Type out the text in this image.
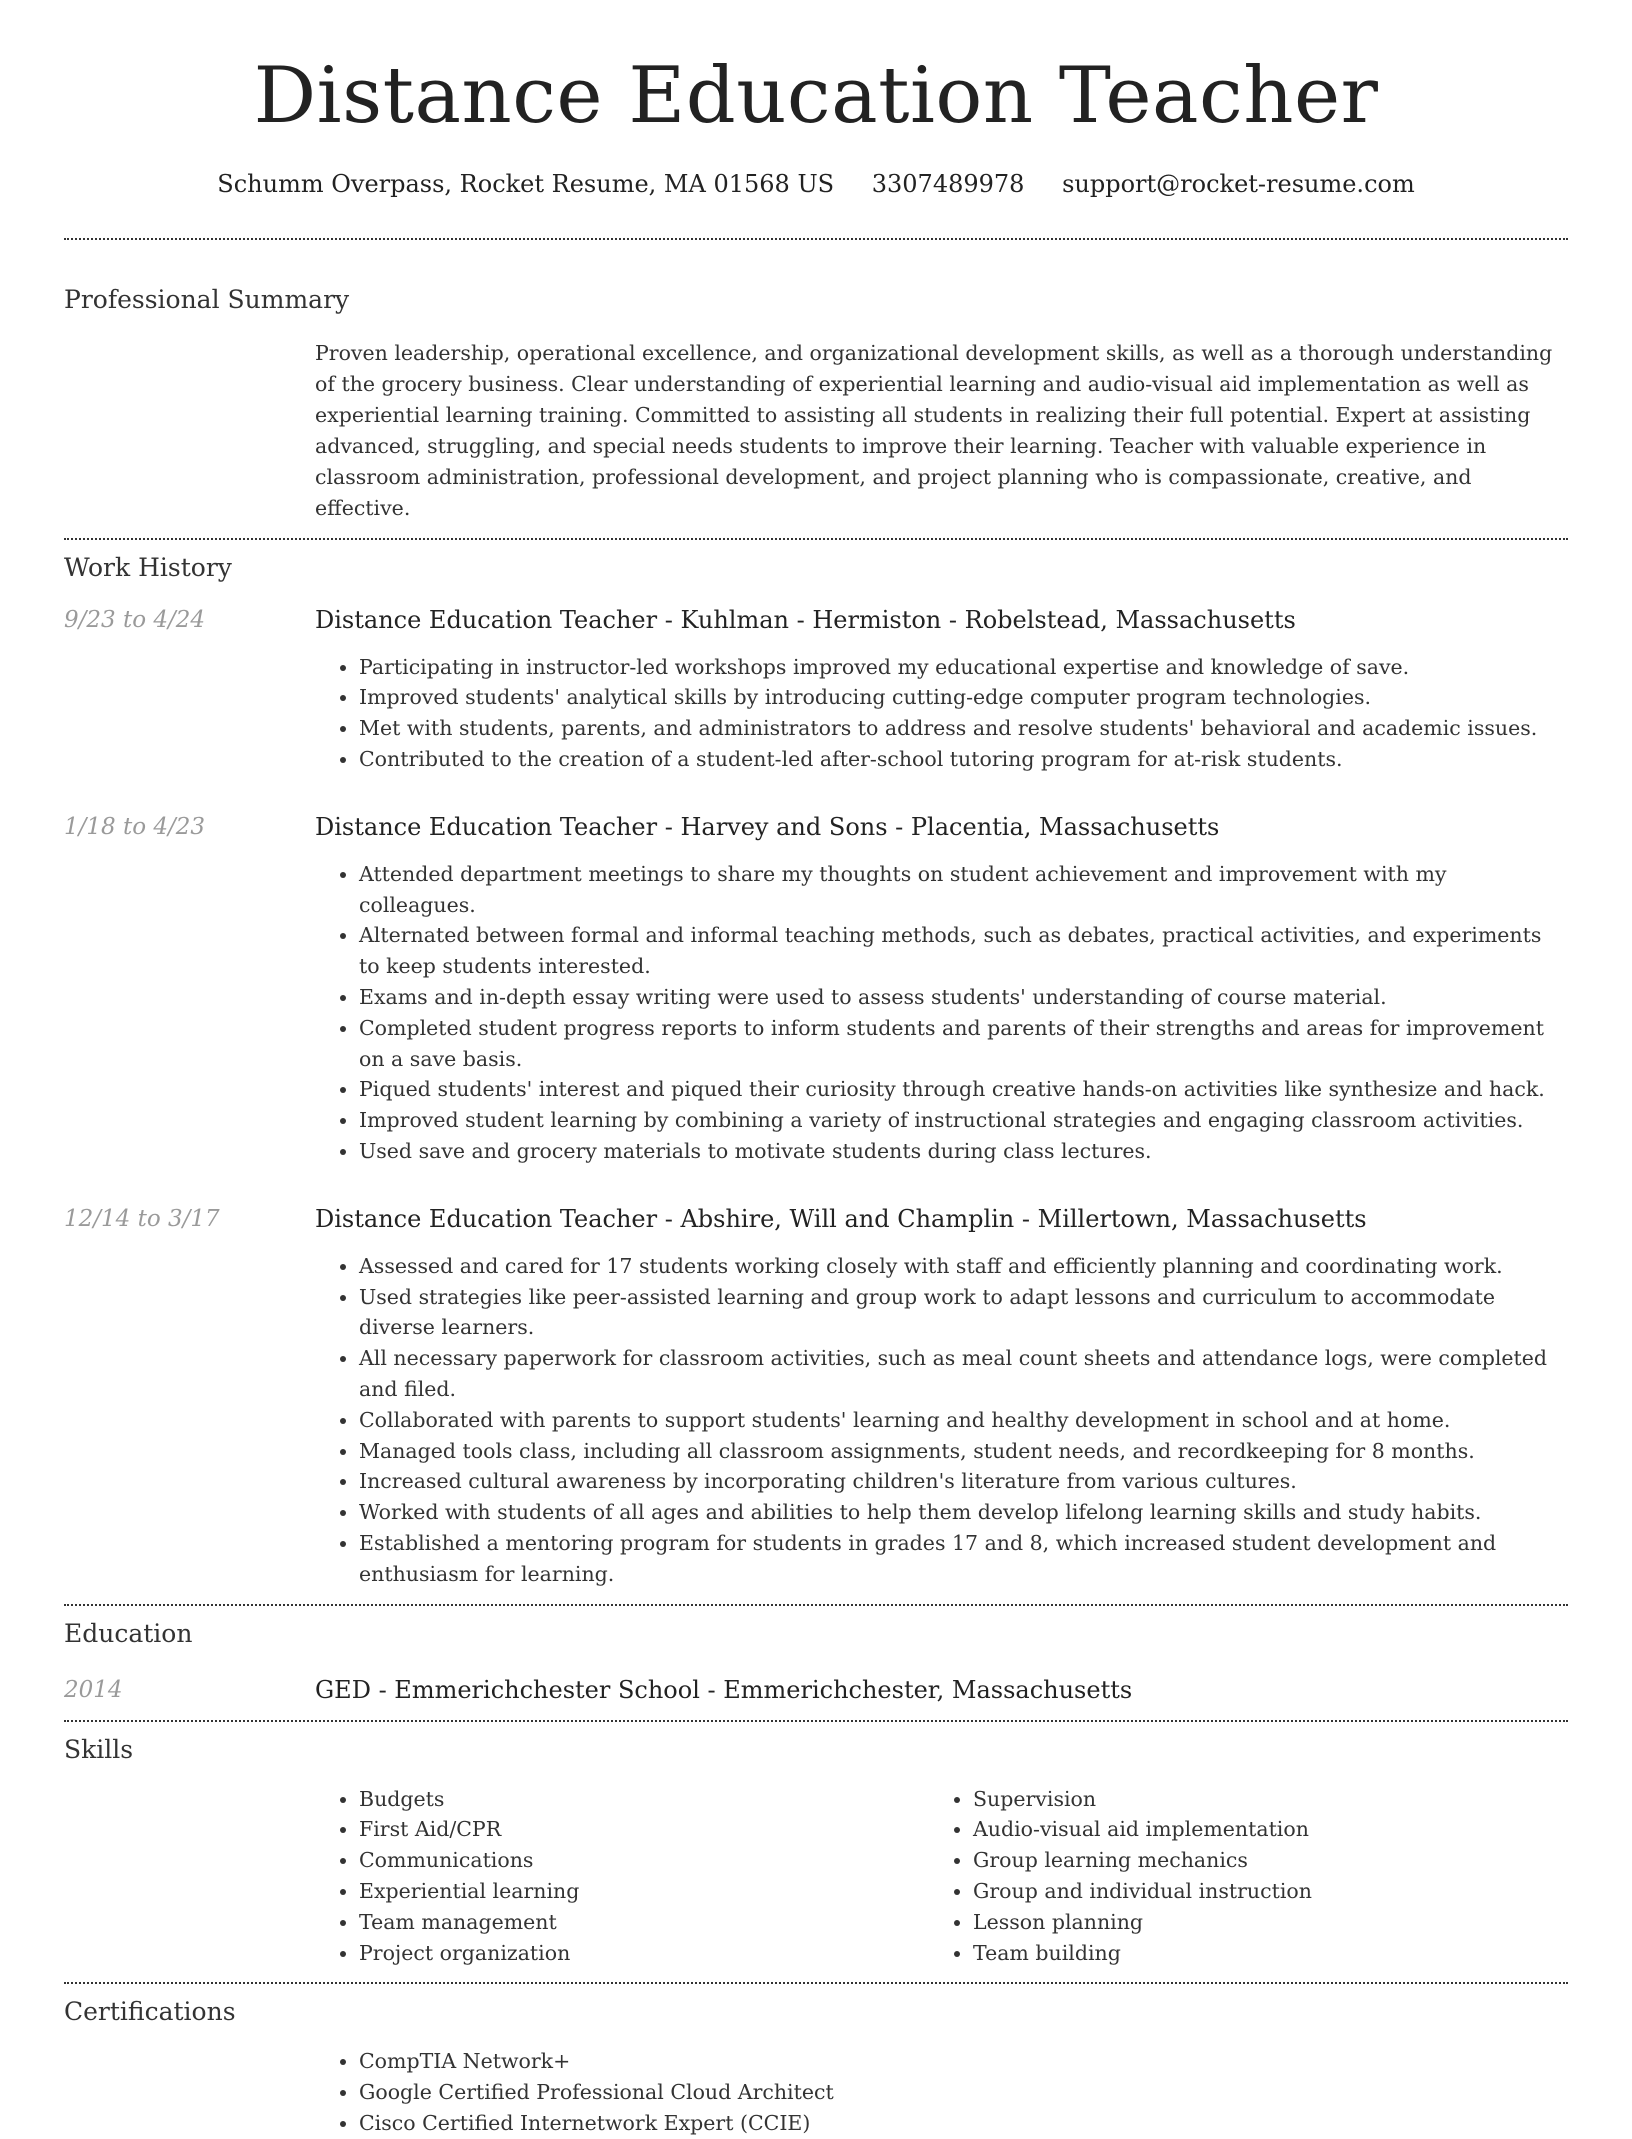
Distance Education Teacher
Schumm Overpass, Rocket Resume, MA 01568 US 3307489978 support@rocket-resume.com
Professional Summary
Proven leadership, operational excellence, and organizational development skills, as well as a thorough understanding of the grocery business. Clear understanding of experiential learning and audio-visual aid implementation as well as experiential learning training. Committed to assisting all students in realizing their full potential. Expert at assisting advanced, struggling, and special needs students to improve their learning. Teacher with valuable experience in classroom administration, professional development, and project planning who is compassionate, creative, and effective.
Work History
9/23 to 4/24	Distance Education Teacher - Kuhlman - Hermiston - Robelstead, Massachusetts
• Participating in instructor-led workshops improved my educational expertise and knowledge of save.
• Improved students' analytical skills by introducing cutting-edge computer program technologies.
• Met with students, parents, and administrators to address and resolve students' behavioral and academic issues.
• Contributed to the creation of a student-led after-school tutoring program for at-risk students.
1/18 to 4/23	Distance Education Teacher - Harvey and Sons - Placentia, Massachusetts
• Attended department meetings to share my thoughts on student achievement and improvement with my colleagues.
• Alternated between formal and informal teaching methods, such as debates, practical activities, and experiments to keep students interested.
• Exams and in-depth essay writing were used to assess students' understanding of course material.
• Completed student progress reports to inform students and parents of their strengths and areas for improvement on a save basis.
• Piqued students' interest and piqued their curiosity through creative hands-on activities like synthesize and hack.
• Improved student learning by combining a variety of instructional strategies and engaging classroom activities.
• Used save and grocery materials to motivate students during class lectures.
12/14 to 3/17	Distance Education Teacher - Abshire, Will and Champlin - Millertown, Massachusetts
• Assessed and cared for 17 students working closely with staff and efficiently planning and coordinating work.
• Used strategies like peer-assisted learning and group work to adapt lessons and curriculum to accommodate diverse learners.
• All necessary paperwork for classroom activities, such as meal count sheets and attendance logs, were completed and filed.
• Collaborated with parents to support students' learning and healthy development in school and at home.
• Managed tools class, including all classroom assignments, student needs, and recordkeeping for 8 months.
• Increased cultural awareness by incorporating children's literature from various cultures.
• Worked with students of all ages and abilities to help them develop lifelong learning skills and study habits.
• Established a mentoring program for students in grades 17 and 8, which increased student development and enthusiasm for learning.
Education
2014	GED - Emmerichchester School - Emmerichchester, Massachusetts
Skills
• Budgets
• First Aid/CPR
• Communications
• Experiential learning
• Team management
• Project organization
• Supervision
• Audio-visual aid implementation
• Group learning mechanics
• Group and individual instruction
• Lesson planning
• Team building
Certifications
• CompTIA Network+
• Google Certified Professional Cloud Architect
• Cisco Certified Internetwork Expert (CCIE)
